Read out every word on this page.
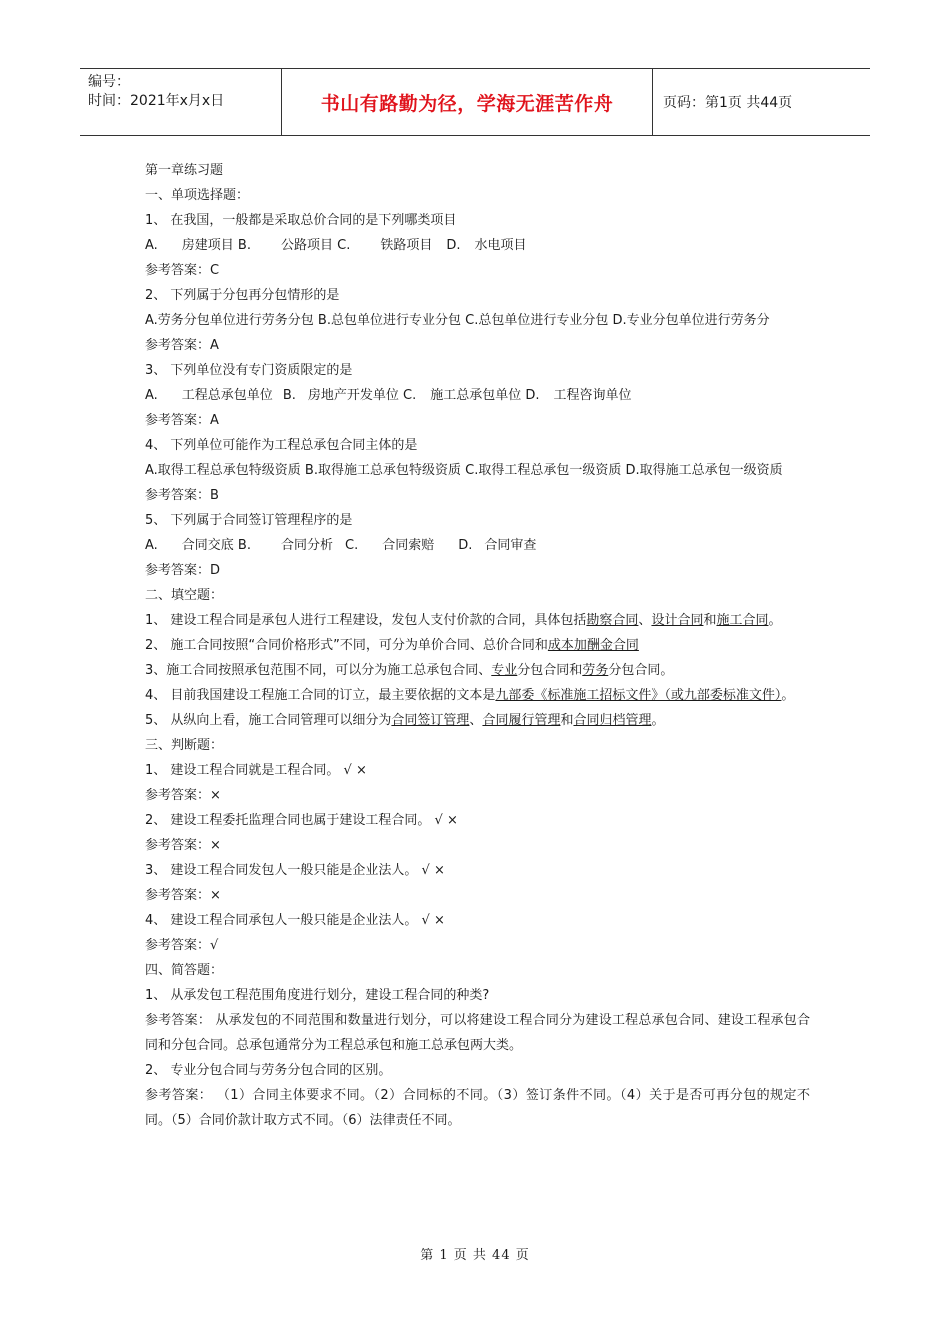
编号：
时间：2021年x月x日	书山有路勤为径，学海无涯苦作舟	页码：第1页 共44页
第一章练习题
一、单项选择题：
1、 在我国，一般都是采取总价合同的是下列哪类项目
A. 房建项目 B. 公路项目 C. 铁路项目 D. 水电项目
参考答案：C
2、 下列属于分包再分包情形的是
A.劳务分包单位进行劳务分包 B.总包单位进行专业分包 C.总包单位进行专业分包 D.专业分包单位进行劳务分
参考答案：A
3、 下列单位没有专门资质限定的是
A. 工程总承包单位 B. 房地产开发单位 C. 施工总承包单位 D. 工程咨询单位
参考答案：A
4、 下列单位可能作为工程总承包合同主体的是
A.取得工程总承包特级资质 B.取得施工总承包特级资质 C.取得工程总承包一级资质 D.取得施工总承包一级资质
参考答案：B
5、 下列属于合同签订管理程序的是
A. 合同交底 B. 合同分析 C. 合同索赔 D. 合同审查
参考答案：D
二、填空题：
1、 建设工程合同是承包人进行工程建设，发包人支付价款的合同，具体包括勘察合同、设计合同和施工合同。
2、 施工合同按照“合同价格形式”不同，可分为单价合同、总价合同和成本加酬金合同
3、施工合同按照承包范围不同，可以分为施工总承包合同、专业分包合同和劳务分包合同。
4、 目前我国建设工程施工合同的订立，最主要依据的文本是九部委《标准施工招标文件》（或九部委标准文件）。
5、 从纵向上看，施工合同管理可以细分为合同签订管理、合同履行管理和合同归档管理。
三、判断题：
1、 建设工程合同就是工程合同。 √ ×
参考答案：×
2、 建设工程委托监理合同也属于建设工程合同。 √ ×
参考答案：×
3、 建设工程合同发包人一般只能是企业法人。 √ ×
参考答案：×
4、 建设工程合同承包人一般只能是企业法人。 √ ×
参考答案：√
四、简答题：
1、 从承发包工程范围角度进行划分，建设工程合同的种类?
参考答案： 从承发包的不同范围和数量进行划分，可以将建设工程合同分为建设工程总承包合同、建设工程承包合同和分包合同。总承包通常分为工程总承包和施工总承包两大类。
2、 专业分包合同与劳务分包合同的区别。
参考答案： （1）合同主体要求不同。（2）合同标的不同。（3）签订条件不同。（4）关于是否可再分包的规定不同。（5）合同价款计取方式不同。（6）法律责任不同。
第 1 页 共 44 页
